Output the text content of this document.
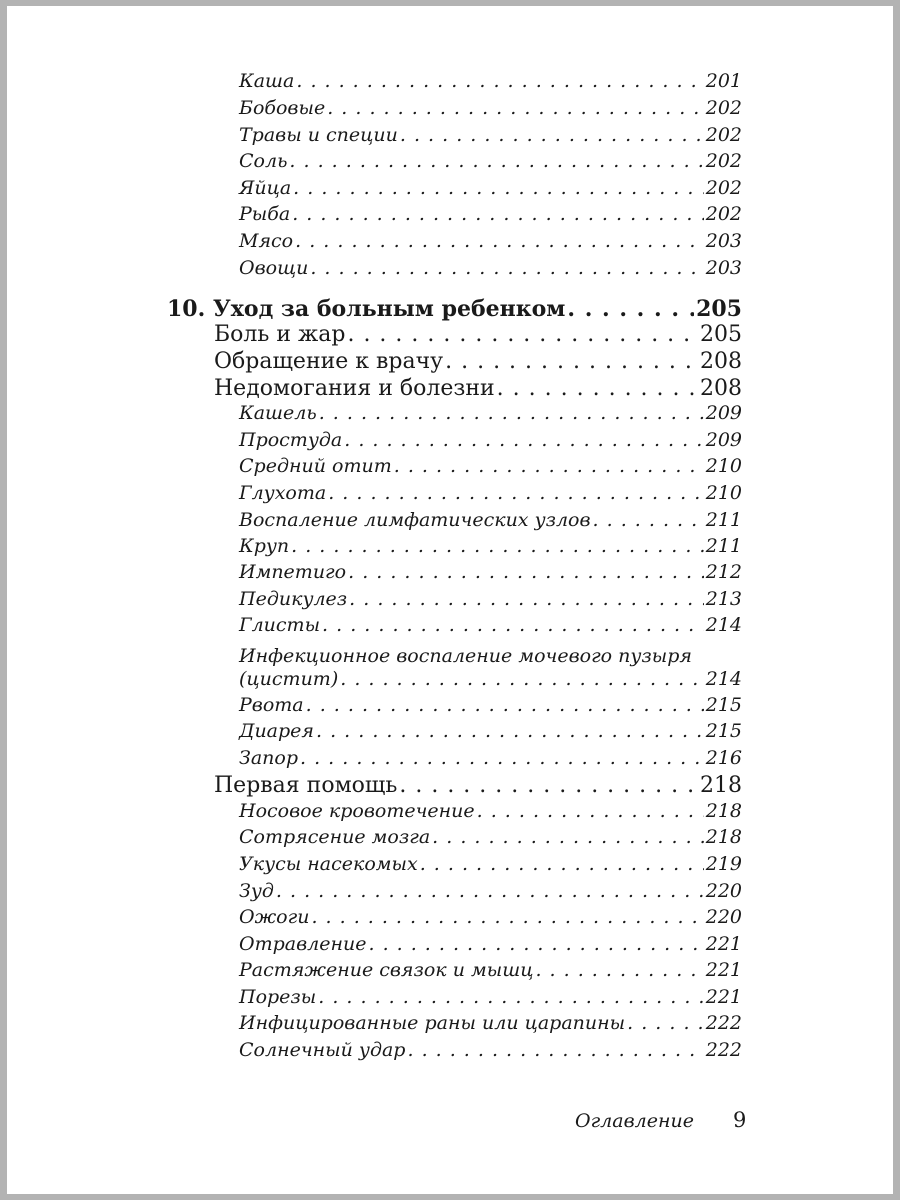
Каша . . .	201
Бобовые . . .	202
Травы и специи . . .	202
Соль . . .	202
Яйца . . .	202
Рыба . . .	202
Мясо . . .	203
Овощи . . .	203
10. Уход за больным ребенком . . .	205
Боль и жар . . .	205
Обращение к врачу . . .	208
Недомогания и болезни . . .	208
Кашель . . .	209
Простуда . . .	209
Средний отит . . .	210
Глухота . . .	210
Воспаление лимфатических узлов . . .	211
Круп . . .	211
Импетиго . . .	212
Педикулез . . .	213
Глисты . . .	214
Инфекционное воспаление мочевого пузыря
(цистит) . . .	214
Рвота . . .	215
Диарея . . .	215
Запор . . .	216
Первая помощь . . .	218
Носовое кровотечение . . .	218
Сотрясение мозга . . .	218
Укусы насекомых . . .	219
Зуд . . .	220
Ожоги . . .	220
Отравление . . .	221
Растяжение связок и мышц . . .	221
Порезы . . .	221
Инфицированные раны или царапины . . .	222
Солнечный удар . . .	222
Оглавление 9
